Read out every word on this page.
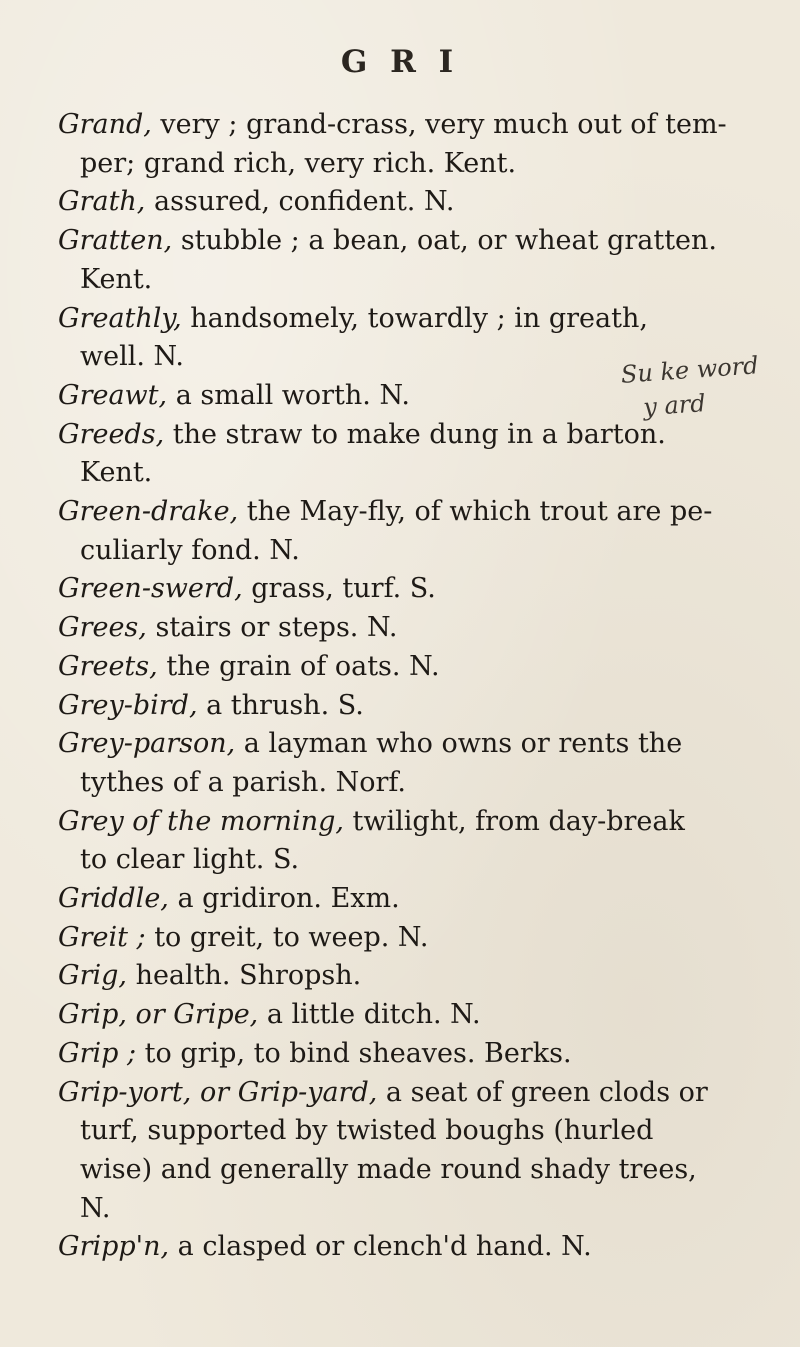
G R I

Grand, very ; grand-crass, very much out of tem-
per; grand rich, very rich. Kent.

Grath, assured, confident. N.

Gratten, stubble ; a bean, oat, or wheat gratten.
Kent.

Greathly, handsomely, towardly ; in greath,
well. N.

Greawt, a small worth. N.

Greeds, the straw to make dung in a barton.
Kent.

Green-drake, the May-fly, of which trout are pe-
culiarly fond. N.

Green-swerd, grass, turf. S.

Grees, stairs or steps. N.

Greets, the grain of oats. N.

Grey-bird, a thrush. S.

Grey-parson, a layman who owns or rents the
tythes of a parish. Norf.

Grey of the morning, twilight, from day-break
to clear light. S.

Griddle, a gridiron. Exm.

Greit ; to greit, to weep. N.

Grig, health. Shropsh.

Grip, or Gripe, a little ditch. N.

Grip ; to grip, to bind sheaves. Berks.

Grip-yort, or Grip-yard, a seat of green clods or
turf, supported by twisted boughs (hurled
wise) and generally made round shady trees,
N.

Gripp'n, a clasped or clench'd hand. N.

Su ke word
y ard
